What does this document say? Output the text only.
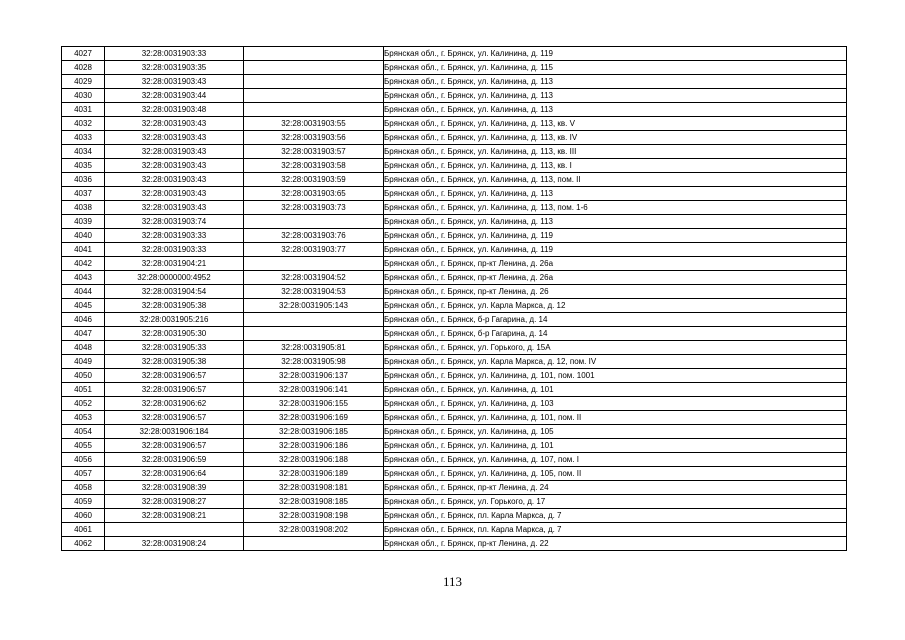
4027	32:28:0031903:33		Брянская обл., г. Брянск, ул. Калинина, д. 119
4028	32:28:0031903:35		Брянская обл., г. Брянск, ул. Калинина, д. 115
4029	32:28:0031903:43		Брянская обл., г. Брянск, ул. Калинина, д. 113
4030	32:28:0031903:44		Брянская обл., г. Брянск, ул. Калинина, д. 113
4031	32:28:0031903:48		Брянская обл., г. Брянск, ул. Калинина, д. 113
4032	32:28:0031903:43	32:28:0031903:55	Брянская обл., г. Брянск, ул. Калинина, д. 113, кв. V
4033	32:28:0031903:43	32:28:0031903:56	Брянская обл., г. Брянск, ул. Калинина, д. 113, кв. IV
4034	32:28:0031903:43	32:28:0031903:57	Брянская обл., г. Брянск, ул. Калинина, д. 113, кв. III
4035	32:28:0031903:43	32:28:0031903:58	Брянская обл., г. Брянск, ул. Калинина, д. 113, кв. I
4036	32:28:0031903:43	32:28:0031903:59	Брянская обл., г. Брянск, ул. Калинина, д. 113, пом. II
4037	32:28:0031903:43	32:28:0031903:65	Брянская обл., г. Брянск, ул. Калинина, д. 113
4038	32:28:0031903:43	32:28:0031903:73	Брянская обл., г. Брянск, ул. Калинина, д. 113, пом. 1-6
4039	32:28:0031903:74		Брянская обл., г. Брянск, ул. Калинина, д. 113
4040	32:28:0031903:33	32:28:0031903:76	Брянская обл., г. Брянск, ул. Калинина, д. 119
4041	32:28:0031903:33	32:28:0031903:77	Брянская обл., г. Брянск, ул. Калинина, д. 119
4042	32:28:0031904:21		Брянская обл., г. Брянск, пр-кт Ленина, д. 26а
4043	32:28:0000000:4952	32:28:0031904:52	Брянская обл., г. Брянск, пр-кт Ленина, д. 26а
4044	32:28:0031904:54	32:28:0031904:53	Брянская обл., г. Брянск, пр-кт Ленина, д. 26
4045	32:28:0031905:38	32:28:0031905:143	Брянская обл., г. Брянск, ул. Карла Маркса, д. 12
4046	32:28:0031905:216		Брянская обл., г. Брянск, б-р Гагарина, д. 14
4047	32:28:0031905:30		Брянская обл., г. Брянск, б-р Гагарина, д. 14
4048	32:28:0031905:33	32:28:0031905:81	Брянская обл., г. Брянск, ул. Горького, д. 15А
4049	32:28:0031905:38	32:28:0031905:98	Брянская обл., г. Брянск, ул. Карла Маркса, д. 12, пом. IV
4050	32:28:0031906:57	32:28:0031906:137	Брянская обл., г. Брянск, ул. Калинина, д. 101, пом. 1001
4051	32:28:0031906:57	32:28:0031906:141	Брянская обл., г. Брянск, ул. Калинина, д. 101
4052	32:28:0031906:62	32:28:0031906:155	Брянская обл., г. Брянск, ул. Калинина, д. 103
4053	32:28:0031906:57	32:28:0031906:169	Брянская обл., г. Брянск, ул. Калинина, д. 101, пом. II
4054	32:28:0031906:184	32:28:0031906:185	Брянская обл., г. Брянск, ул. Калинина, д. 105
4055	32:28:0031906:57	32:28:0031906:186	Брянская обл., г. Брянск, ул. Калинина, д. 101
4056	32:28:0031906:59	32:28:0031906:188	Брянская обл., г. Брянск, ул. Калинина, д. 107, пом. I
4057	32:28:0031906:64	32:28:0031906:189	Брянская обл., г. Брянск, ул. Калинина, д. 105, пом. II
4058	32:28:0031908:39	32:28:0031908:181	Брянская обл., г. Брянск, пр-кт Ленина, д. 24
4059	32:28:0031908:27	32:28:0031908:185	Брянская обл., г. Брянск, ул. Горького, д. 17
4060	32:28:0031908:21	32:28:0031908:198	Брянская обл., г. Брянск, пл. Карла Маркса, д. 7
4061		32:28:0031908:202	Брянская обл., г. Брянск, пл. Карла Маркса, д. 7
4062	32:28:0031908:24		Брянская обл., г. Брянск, пр-кт Ленина, д. 22
113
